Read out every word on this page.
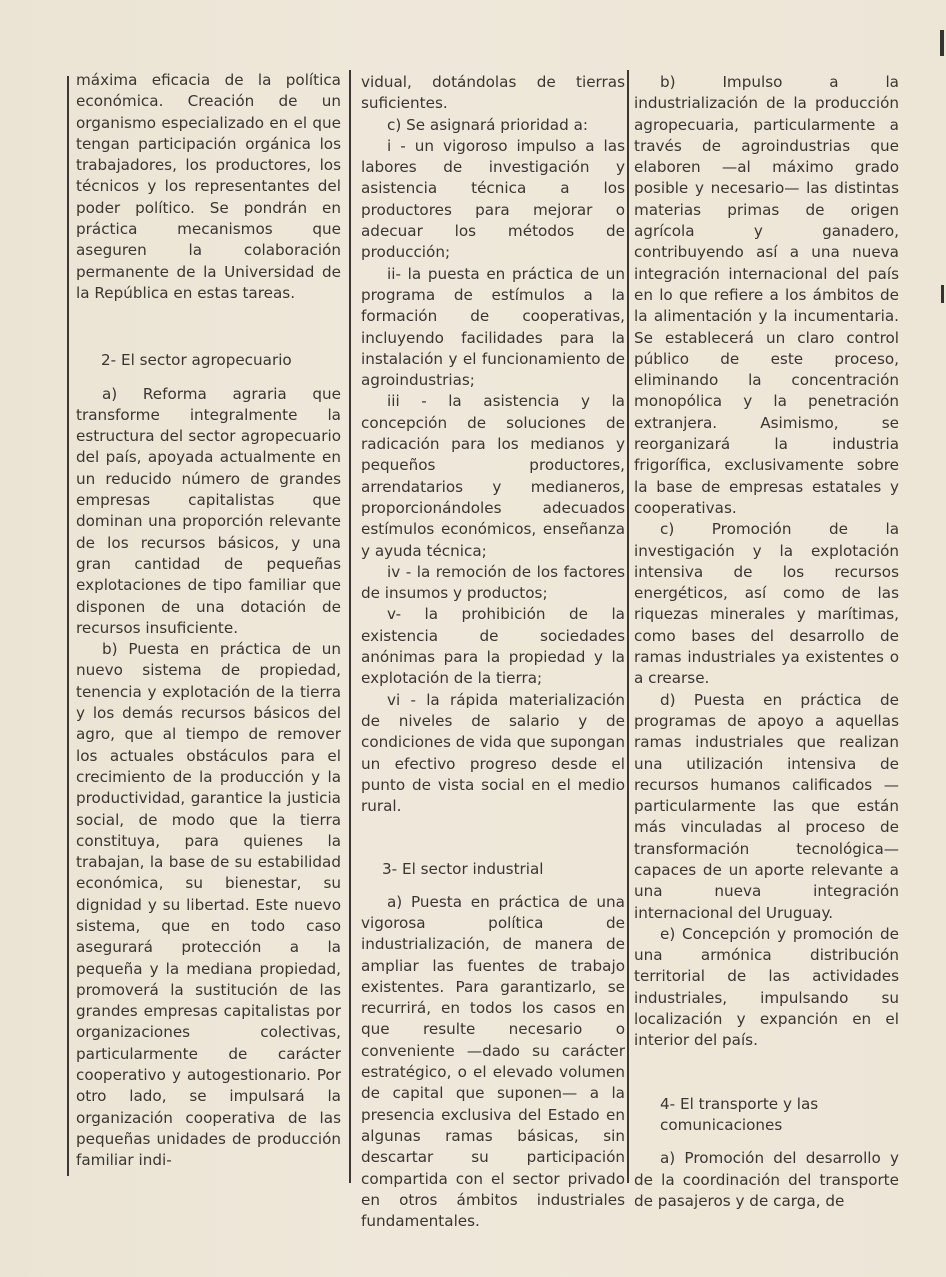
máxima eficacia de la política económica. Creación de un organismo especializado en el que tengan participación orgánica los trabajadores, los productores, los técnicos y los representantes del poder político. Se pondrán en práctica mecanismos que aseguren la colaboración permanente de la Universidad de la República en estas tareas.

2- El sector agropecuario

a) Reforma agraria que transforme integralmente la estructura del sector agropecuario del país, apoyada actualmente en un reducido número de grandes empresas capitalistas que dominan una proporción relevante de los recursos básicos, y una gran cantidad de pequeñas explotaciones de tipo familiar que disponen de una dotación de recursos insuficiente.

b) Puesta en práctica de un nuevo sistema de propiedad, tenencia y explotación de la tierra y los demás recursos básicos del agro, que al tiempo de remover los actuales obstáculos para el crecimiento de la producción y la productividad, garantice la justicia social, de modo que la tierra constituya, para quienes la trabajan, la base de su estabilidad económica, su bienestar, su dignidad y su libertad. Este nuevo sistema, que en todo caso asegurará protección a la pequeña y la mediana propiedad, promoverá la sustitución de las grandes empresas capitalistas por organizaciones colectivas, particularmente de carácter cooperativo y autogestionario. Por otro lado, se impulsará la organización cooperativa de las pequeñas unidades de producción familiar indi-

vidual, dotándolas de tierras suficientes.

c) Se asignará prioridad a:

i - un vigoroso impulso a las labores de investigación y asistencia técnica a los productores para mejorar o adecuar los métodos de producción;

ii- la puesta en práctica de un programa de estímulos a la formación de cooperativas, incluyendo facilidades para la instalación y el funcionamiento de agroindustrias;

iii - la asistencia y la concepción de soluciones de radicación para los medianos y pequeños productores, arrendatarios y medianeros, proporcionándoles adecuados estímulos económicos, enseñanza y ayuda técnica;

iv - la remoción de los factores de insumos y productos;

v- la prohibición de la existencia de sociedades anónimas para la propiedad y la explotación de la tierra;

vi - la rápida materialización de niveles de salario y de condiciones de vida que supongan un efectivo progreso desde el punto de vista social en el medio rural.

3- El sector industrial

a) Puesta en práctica de una vigorosa política de industrialización, de manera de ampliar las fuentes de trabajo existentes. Para garantizarlo, se recurrirá, en todos los casos en que resulte necesario o conveniente —dado su carácter estratégico, o el elevado volumen de capital que suponen— a la presencia exclusiva del Estado en algunas ramas básicas, sin descartar su participación compartida con el sector privado en otros ámbitos industriales fundamentales.

b) Impulso a la industrialización de la producción agropecuaria, particularmente a través de agroindustrias que elaboren —al máximo grado posible y necesario— las distintas materias primas de origen agrícola y ganadero, contribuyendo así a una nueva integración internacional del país en lo que refiere a los ámbitos de la alimentación y la incumentaria. Se establecerá un claro control público de este proceso, eliminando la concentración monopólica y la penetración extranjera. Asimismo, se reorganizará la industria frigorífica, exclusivamente sobre la base de empresas estatales y cooperativas.

c) Promoción de la investigación y la explotación intensiva de los recursos energéticos, así como de las riquezas minerales y marítimas, como bases del desarrollo de ramas industriales ya existentes o a crearse.

d) Puesta en práctica de programas de apoyo a aquellas ramas industriales que realizan una utilización intensiva de recursos humanos calificados —particularmente las que están más vinculadas al proceso de transformación tecnológica— capaces de un aporte relevante a una nueva integración internacional del Uruguay.

e) Concepción y promoción de una armónica distribución territorial de las actividades industriales, impulsando su localización y expanción en el interior del país.

4- El transporte y las comunicaciones

a) Promoción del desarrollo y de la coordinación del transporte de pasajeros y de carga, de
